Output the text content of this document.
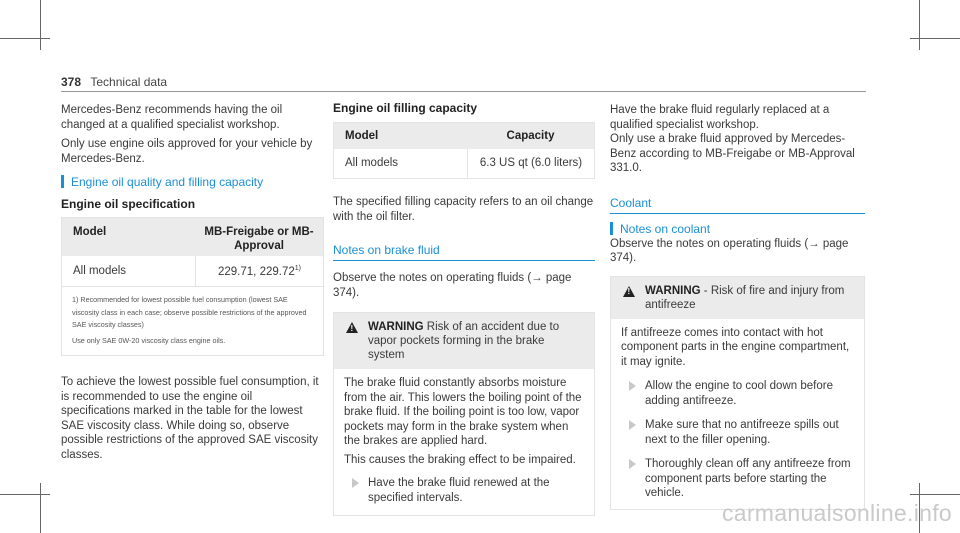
378 Technical data

Mercedes-Benz recommends having the oil changed at a qualified specialist workshop.

Only use engine oils approved for your vehicle by Mercedes-Benz.

Engine oil quality and filling capacity
Engine oil specification
Model	MB-Freigabe or MB-Approval
All models	229.71, 229.72$^{1)}$
1) Recommended for lowest possible fuel consumption (lowest SAE viscosity class in each case; observe possible restrictions of the approved SAE viscosity classes)
Use only SAE 0W-20 viscosity class engine oils.

To achieve the lowest possible fuel consumption, it is recommended to use the engine oil specifications marked in the table for the lowest SAE viscosity class. While doing so, observe possible restrictions of the approved SAE viscosity classes.

Engine oil filling capacity
Model	Capacity
All models	6.3 US qt (6.0 liters)

The specified filling capacity refers to an oil change with the oil filter.

Notes on brake fluid

Observe the notes on operating fluids (→ page 374).

! WARNING Risk of an accident due to vapor pockets forming in the brake system

The brake fluid constantly absorbs moisture from the air. This lowers the boiling point of the brake fluid. If the boiling point is too low, vapor pockets may form in the brake system when the brakes are applied hard.

This causes the braking effect to be impaired.

Have the brake fluid renewed at the specified intervals.

Have the brake fluid regularly replaced at a qualified specialist workshop.

Only use a brake fluid approved by Mercedes-Benz according to MB-Freigabe or MB-Approval 331.0.

Coolant
Notes on coolant

Observe the notes on operating fluids (→ page 374).

! WARNING - Risk of fire and injury from antifreeze

If antifreeze comes into contact with hot component parts in the engine compartment, it may ignite.

Allow the engine to cool down before adding antifreeze.

Make sure that no antifreeze spills out next to the filler opening.

Thoroughly clean off any antifreeze from component parts before starting the vehicle.

carmanualsonline.info
